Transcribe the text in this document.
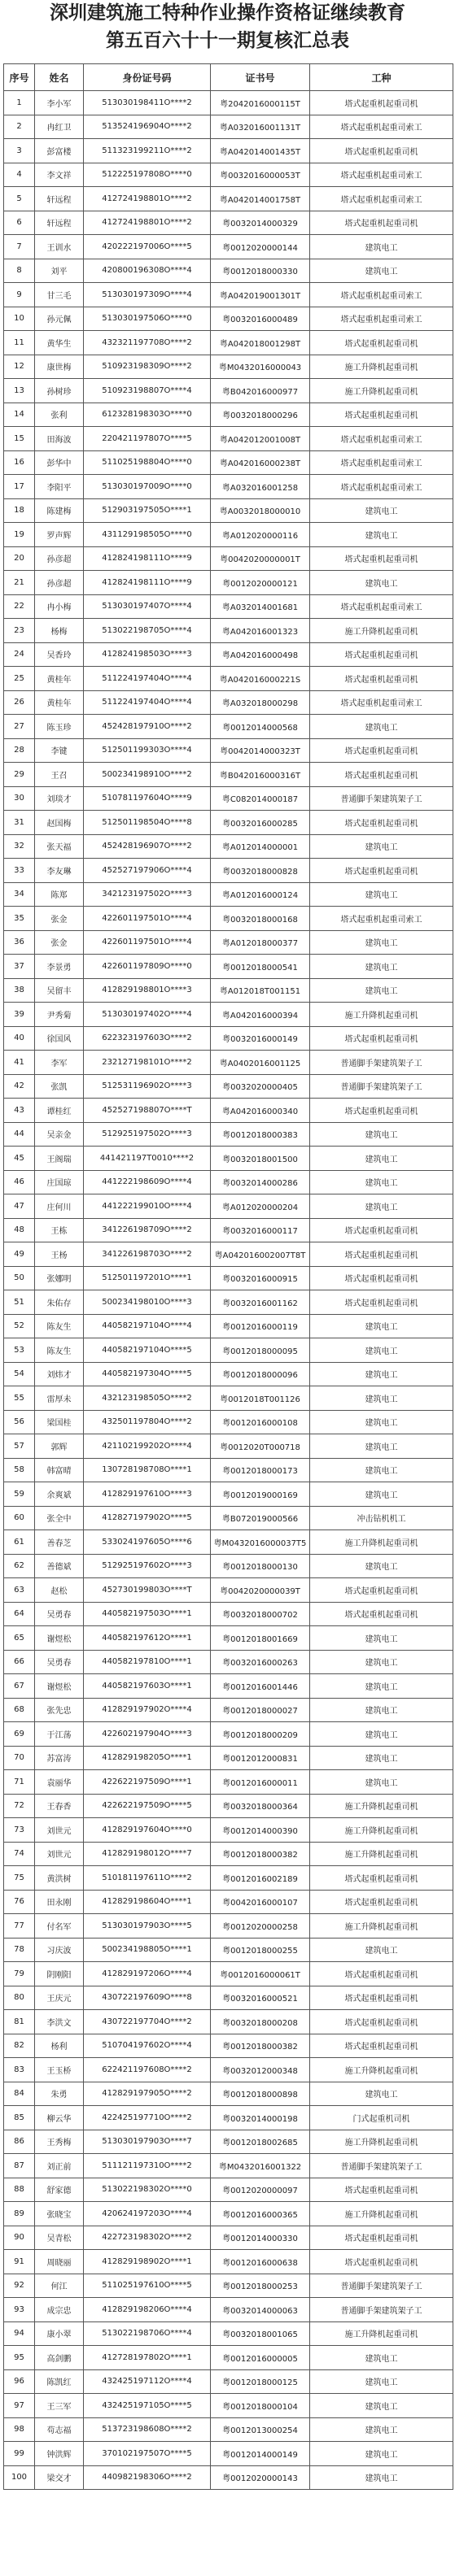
深圳建筑施工特种作业操作资格证继续教育
第五百六十十一期复核汇总表
序号	姓名	身份证号码	证书号	工种
1	李小军	513030198411O****2	粤2042016000115T	塔式起重机起重司机
2	冉红卫	513524196904O****2	粤A032016001131T	塔式起重机起重司索工
3	彭富楼	511323199211O****2	粤A042014001435T	塔式起重机起重司机
4	李文祥	512225197808O****0	粤0032016000053T	塔式起重机起重司索工
5	轩远程	412724198801O****2	粤A042014001758T	塔式起重机起重司索工
6	轩远程	412724198801O****2	粤0032014000329	塔式起重机起重司机
7	王训水	420222197006O****5	粤0012020000144	建筑电工
8	刘平	420800196308O****4	粤0012018000330	建筑电工
9	甘三毛	513030197309O****4	粤A042019001301T	塔式起重机起重司索工
10	孙元佩	513030197506O****0	粤0032016000489	塔式起重机起重司索工
11	黄华生	432321197708O****2	粤A042018001298T	塔式起重机起重司机
12	康世梅	510923198309O****2	粤M0432016000043	施工升降机起重司机
13	孙树珍	510923198807O****4	粤B042016000977	施工升降机起重司机
14	张利	612328198303O****0	粤0032018000296	塔式起重机起重司机
15	田海波	220421197807O****5	粤A042012001008T	塔式起重机起重司索工
16	彭华中	511025198804O****0	粤A042016000238T	塔式起重机起重司索工
17	李阳平	513030197009O****0	粤A032016001258	塔式起重机起重司索工
18	陈建梅	512903197505O****1	粤A0032018000010	建筑电工
19	罗声辉	431129198505O****0	粤A012020000116	建筑电工
20	孙彦超	412824198111O****9	粤0042020000001T	塔式起重机起重司机
21	孙彦超	412824198111O****9	粤0012020000121	建筑电工
22	冉小梅	513030197407O****4	粤A032014001681	塔式起重机起重司索工
23	杨梅	513022198705O****4	粤A042016001323	施工升降机起重司机
24	吴香玲	412824198503O****3	粤A042016000498	塔式起重机起重司机
25	黄桂年	511224197404O****4	粤A042016000221S	塔式起重机起重司机
26	黄桂年	511224197404O****4	粤A032018000298	塔式起重机起重司索工
27	陈玉珍	452428197910O****2	粤0012014000568	建筑电工
28	李键	512501199303O****4	粤0042014000323T	塔式起重机起重司机
29	王召	500234198910O****2	粤B042016000316T	塔式起重机起重司机
30	刘琰才	510781197604O****9	粤C082014000187	普通脚手架建筑架子工
31	赵国梅	512501198504O****8	粤0032016000285	塔式起重机起重司机
32	张天福	452428196907O****2	粤A012014000001	建筑电工
33	李友琳	452527197906O****4	粤0032018000828	塔式起重机起重司机
34	陈郑	342123197502O****3	粤A012016000124	建筑电工
35	张金	422601197501O****4	粤0032018000168	塔式起重机起重司索工
36	张金	422601197501O****4	粤A012018000377	建筑电工
37	李景勇	422601197809O****0	粤0012018000541	建筑电工
38	吴留丰	412829198801O****3	粤A012018T001151	建筑电工
39	尹秀菊	513030197402O****4	粤A042016000394	施工升降机起重司机
40	徐国风	622323197603O****2	粤0032016000149	塔式起重机起重司机
41	李军	232127198101O****2	粤A0402016001125	普通脚手架建筑架子工
42	张凯	512531196902O****3	粤0032020000405	普通脚手架建筑架子工
43	谭桂红	452527198807O****T	粤A042016000340	塔式起重机起重司机
44	吴亲金	512925197502O****3	粤0012018000383	建筑电工
45	王阁瑞	441421197T0010****2	粤0032018001500	建筑电工
46	庄国琼	441222198609O****4	粤0032014000286	建筑电工
47	庄何川	441222199010O****4	粤A012020000204	建筑电工
48	王栋	341226198709O****2	粤0032016000117	塔式起重机起重司机
49	王杨	341226198703O****2	粤A042016002007T8T	塔式起重机起重司机
50	张娜明	512501197201O****1	粤0032016000915	塔式起重机起重司机
51	朱佑存	500234198010O****3	粤0032016001162	塔式起重机起重司机
52	陈友生	440582197104O****4	粤0012016000119	建筑电工
53	陈友生	440582197104O****5	粤0012018000095	建筑电工
54	刘炜才	440582197304O****5	粤0012018000096	建筑电工
55	雷厚未	432123198505O****2	粤0012018T001126	建筑电工
56	梁国桂	432501197804O****2	粤0012016000108	建筑电工
57	郭辉	421102199202O****4	粤0012020T000718	建筑电工
58	韩富晴	130728198708O****1	粤0012018000173	建筑电工
59	余爽斌	412829197610O****3	粤0012019000169	建筑电工
60	张全中	412827197902O****5	粤B072019000566	冲击钻机机工
61	善春芝	533024197605O****6	粤M0432016000037T5	施工升降机起重司机
62	善德斌	512925197602O****3	粤0012018000130	建筑电工
63	赵松	452730199803O****T	粤0042020000039T	塔式起重机起重司机
64	吴勇春	440582197503O****1	粤0032018000702	塔式起重机起重司机
65	谢煜松	440582197612O****1	粤0012018001669	建筑电工
66	吴勇春	440582197810O****1	粤0032016000263	建筑电工
67	谢煜松	440582197603O****1	粤0012016001446	建筑电工
68	张先忠	412829197902O****4	粤0012018000027	建筑电工
69	于江荡	422602197904O****3	粤0012018000209	建筑电工
70	苏富涛	412829198205O****1	粤0012012000831	建筑电工
71	袁丽华	422622197509O****1	粤0012016000011	建筑电工
72	王春香	422622197509O****5	粤0032018000364	施工升降机起重司机
73	刘世元	412829197604O****0	粤0012014000390	施工升降机起重司机
74	刘世元	412829198012O****7	粤0012018000382	施工升降机起重司机
75	黄洪树	510181197611O****2	粤0012016002189	塔式起重机起重司机
76	田永刚	412829198604O****1	粤0042016000107	塔式起重机起重司机
77	付名军	513030197903O****5	粤0012020000258	施工升降机起重司机
78	习庆波	500234198805O****1	粤0012018000255	建筑电工
79	阴刚阳	412829197206O****4	粤0012016000061T	塔式起重机起重司机
80	王庆元	430722197609O****8	粤0032016000521	塔式起重机起重司机
81	李洪文	430722197704O****2	粤0032018000208	塔式起重机起重司机
82	杨利	510704197602O****4	粤0012018000382	塔式起重机起重司机
83	王玉桥	622421197608O****2	粤0032012000348	施工升降机起重司机
84	朱勇	412829197905O****2	粤0012018000898	建筑电工
85	柳云华	422425197710O****2	粤0032014000198	门式起重机司机
86	王秀梅	513030197903O****7	粤0012018002685	施工升降机起重司机
87	刘正前	511121197310O****2	粤M0432016001322	普通脚手架建筑架子工
88	舒家德	513022198302O****0	粤0012020000097	塔式起重机起重司机
89	张晓宝	420624197203O****4	粤0012016000365	施工升降机起重司机
90	吴青松	422723198302O****2	粤0012014000330	塔式起重机起重司机
91	周晓丽	412829198902O****1	粤0012016000638	塔式起重机起重司机
92	何江	511025197610O****5	粤0012018000253	普通脚手架建筑架子工
93	成宗忠	412829198206O****4	粤0032014000063	普通脚手架建筑架子工
94	康小翠	513022198706O****4	粤0032018001065	施工升降机起重司机
95	高剑鹏	412728197802O****1	粤0012016000005	建筑电工
96	陈凯红	432425197112O****4	粤0012018000125	建筑电工
97	王三军	432425197105O****5	粤0012018000104	建筑电工
98	苟志福	513723198608O****2	粤0012013000254	建筑电工
99	钟洪辉	370102197507O****5	粤0012014000149	建筑电工
100	梁交才	440982198306O****2	粤0012020000143	建筑电工
